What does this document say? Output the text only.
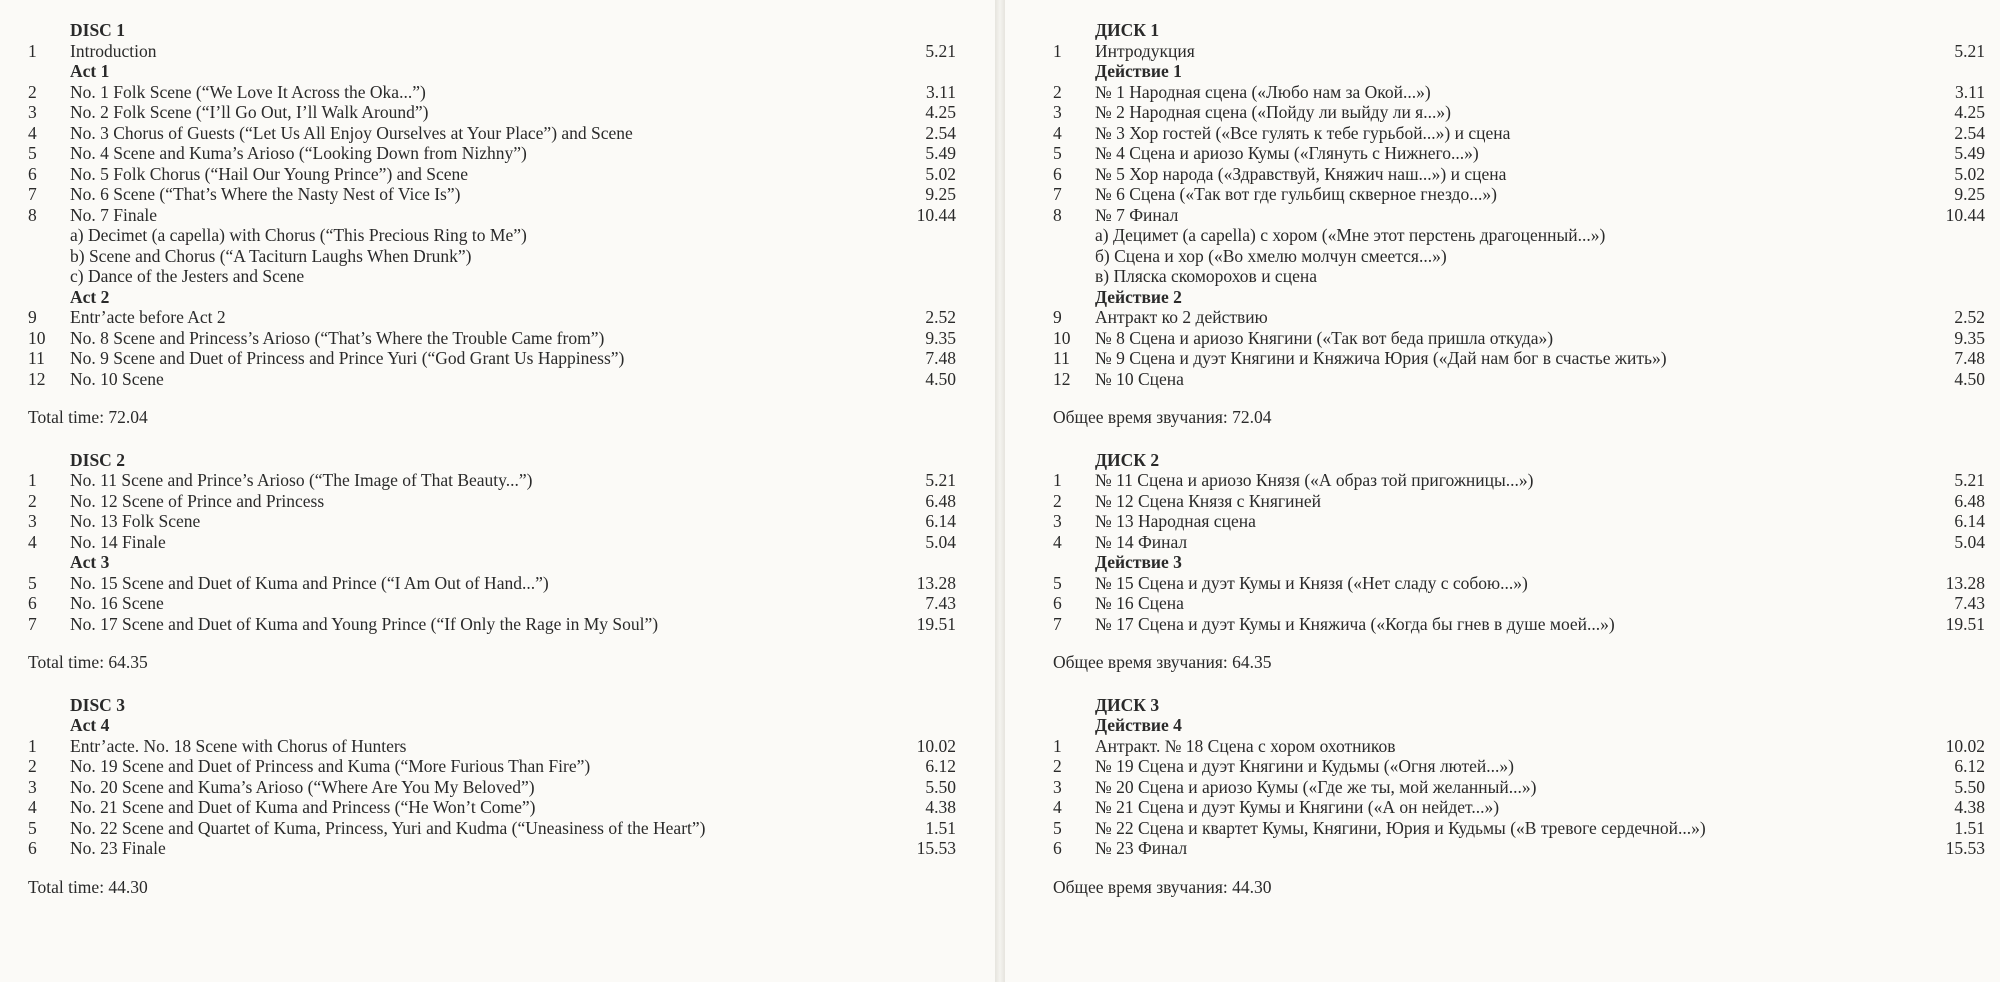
DISC 1
1	Introduction	5.21
Act 1
2	No. 1 Folk Scene (“We Love It Across the Oka...”)	3.11
3	No. 2 Folk Scene (“I’ll Go Out, I’ll Walk Around”)	4.25
4	No. 3 Chorus of Guests (“Let Us All Enjoy Ourselves at Your Place”) and Scene	2.54
5	No. 4 Scene and Kuma’s Arioso (“Looking Down from Nizhny”)	5.49
6	No. 5 Folk Chorus (“Hail Our Young Prince”) and Scene	5.02
7	No. 6 Scene (“That’s Where the Nasty Nest of Vice Is”)	9.25
8	No. 7 Finale	10.44
a) Decimet (a capella) with Chorus (“This Precious Ring to Me”)
b) Scene and Chorus (“A Taciturn Laughs When Drunk”)
c) Dance of the Jesters and Scene
Act 2
9	Entr’acte before Act 2	2.52
10	No. 8 Scene and Princess’s Arioso (“That’s Where the Trouble Came from”)	9.35
11	No. 9 Scene and Duet of Princess and Prince Yuri (“God Grant Us Happiness”)	7.48
12	No. 10 Scene	4.50
Total time: 72.04
DISC 2
1	No. 11 Scene and Prince’s Arioso (“The Image of That Beauty...”)	5.21
2	No. 12 Scene of Prince and Princess	6.48
3	No. 13 Folk Scene	6.14
4	No. 14 Finale	5.04
Act 3
5	No. 15 Scene and Duet of Kuma and Prince (“I Am Out of Hand...”)	13.28
6	No. 16 Scene	7.43
7	No. 17 Scene and Duet of Kuma and Young Prince (“If Only the Rage in My Soul”)	19.51
Total time: 64.35
DISC 3
Act 4
1	Entr’acte. No. 18 Scene with Chorus of Hunters	10.02
2	No. 19 Scene and Duet of Princess and Kuma (“More Furious Than Fire”)	6.12
3	No. 20 Scene and Kuma’s Arioso (“Where Are You My Beloved”)	5.50
4	No. 21 Scene and Duet of Kuma and Princess (“He Won’t Come”)	4.38
5	No. 22 Scene and Quartet of Kuma, Princess, Yuri and Kudma (“Uneasiness of the Heart”)	1.51
6	No. 23 Finale	15.53
Total time: 44.30
ДИСК 1
1	Интродукция	5.21
Действие 1
2	№ 1 Народная сцена («Любо нам за Окой...»)	3.11
3	№ 2 Народная сцена («Пойду ли выйду ли я...»)	4.25
4	№ 3 Хор гостей («Все гулять к тебе гурьбой...») и сцена	2.54
5	№ 4 Сцена и ариозо Кумы («Глянуть с Нижнего...»)	5.49
6	№ 5 Хор народа («Здравствуй, Княжич наш...») и сцена	5.02
7	№ 6 Сцена («Так вот где гульбищ скверное гнездо...»)	9.25
8	№ 7 Финал	10.44
а) Децимет (a capella) с хором («Мне этот перстень драгоценный...»)
б) Сцена и хор («Во хмелю молчун смеется...»)
в) Пляска скоморохов и сцена
Действие 2
9	Антракт ко 2 действию	2.52
10	№ 8 Сцена и ариозо Княгини («Так вот беда пришла откуда»)	9.35
11	№ 9 Сцена и дуэт Княгини и Княжича Юрия («Дай нам бог в счастье жить»)	7.48
12	№ 10 Сцена	4.50
Общее время звучания: 72.04
ДИСК 2
1	№ 11 Сцена и ариозо Князя («А образ той пригожницы...»)	5.21
2	№ 12 Сцена Князя с Княгиней	6.48
3	№ 13 Народная сцена	6.14
4	№ 14 Финал	5.04
Действие 3
5	№ 15 Сцена и дуэт Кумы и Князя («Нет сладу с собою...»)	13.28
6	№ 16 Сцена	7.43
7	№ 17 Сцена и дуэт Кумы и Княжича («Когда бы гнев в душе моей...»)	19.51
Общее время звучания: 64.35
ДИСК 3
Действие 4
1	Антракт. № 18 Сцена с хором охотников	10.02
2	№ 19 Сцена и дуэт Княгини и Кудьмы («Огня лютей...»)	6.12
3	№ 20 Сцена и ариозо Кумы («Где же ты, мой желанный...»)	5.50
4	№ 21 Сцена и дуэт Кумы и Княгини («А он нейдет...»)	4.38
5	№ 22 Сцена и квартет Кумы, Княгини, Юрия и Кудьмы («В тревоге сердечной...»)	1.51
6	№ 23 Финал	15.53
Общее время звучания: 44.30
